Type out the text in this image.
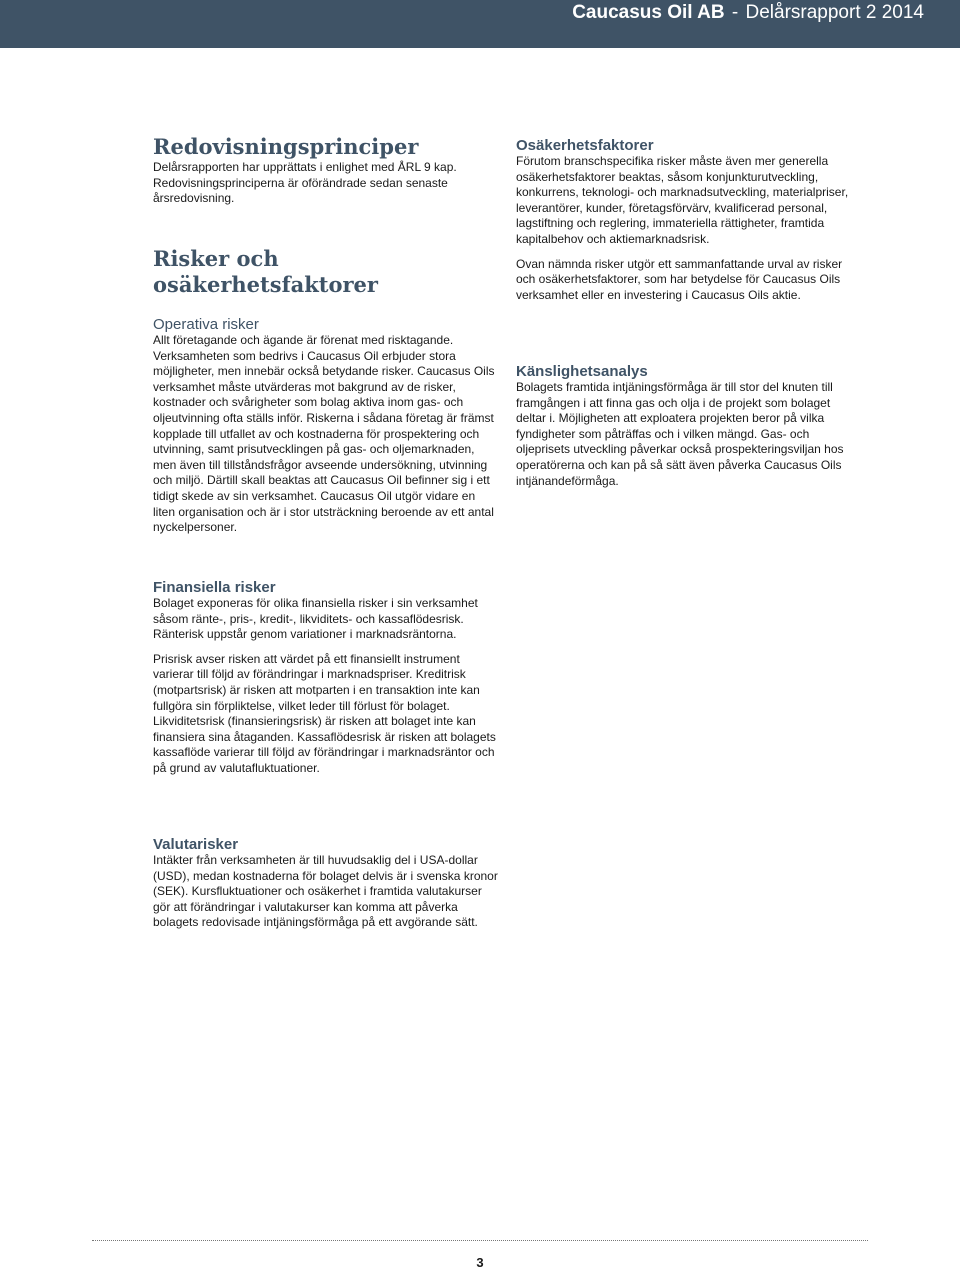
Caucasus Oil AB - Delårsrapport 2 2014
Redovisningsprinciper

Delårsrapporten har upprättats i enlighet med ÅRL 9 kap. Redovisningsprinciperna är oförändrade sedan senaste årsredovisning.

Risker och
osäkerhetsfaktorer
Operativa risker

Allt företagande och ägande är förenat med risktagande. Verksamheten som bedrivs i Caucasus Oil erbjuder stora möjligheter, men innebär också betydande risker. Caucasus Oils verksamhet måste utvärderas mot bakgrund av de risker, kostnader och svårigheter som bolag aktiva inom gas- och oljeutvinning ofta ställs inför. Riskerna i sådana företag är främst kopplade till utfallet av och kostnaderna för prospektering och utvinning, samt prisutvecklingen på gas- och oljemarknaden, men även till tillståndsfrågor avseende undersökning, utvinning och miljö. Därtill skall beaktas att Caucasus Oil befinner sig i ett tidigt skede av sin verksamhet. Caucasus Oil utgör vidare en liten organisation och är i stor utsträckning beroende av ett antal nyckelpersoner.

Finansiella risker

Bolaget exponeras för olika finansiella risker i sin verksamhet såsom ränte-, pris-, kredit-, likviditets- och kassaflödesrisk. Ränterisk uppstår genom variationer i marknadsräntorna.

Prisrisk avser risken att värdet på ett finansiellt instrument varierar till följd av förändringar i marknadspriser. Kreditrisk (motpartsrisk) är risken att motparten i en transaktion inte kan fullgöra sin förpliktelse, vilket leder till förlust för bolaget. Likviditetsrisk (finansieringsrisk) är risken att bolaget inte kan finansiera sina åtaganden. Kassaflödesrisk är risken att bolagets kassaflöde varierar till följd av förändringar i marknadsräntor och på grund av valutafluktuationer.

Valutarisker

Intäkter från verksamheten är till huvudsaklig del i USA-dollar (USD), medan kostnaderna för bolaget delvis är i svenska kronor (SEK). Kursfluktuationer och osäkerhet i framtida valutakurser gör att förändringar i valutakurser kan komma att påverka bolagets redovisade intjäningsförmåga på ett avgörande sätt.

Osäkerhetsfaktorer

Förutom branschspecifika risker måste även mer generella osäkerhetsfaktorer beaktas, såsom konjunkturutveckling, konkurrens, teknologi- och marknadsutveckling, materialpriser, leverantörer, kunder, företagsförvärv, kvalificerad personal, lagstiftning och reglering, immateriella rättigheter, framtida kapitalbehov och aktiemarknadsrisk.

Ovan nämnda risker utgör ett sammanfattande urval av risker och osäkerhetsfaktorer, som har betydelse för Caucasus Oils verksamhet eller en investering i Caucasus Oils aktie.

Känslighetsanalys

Bolagets framtida intjäningsförmåga är till stor del knuten till framgången i att finna gas och olja i de projekt som bolaget deltar i. Möjligheten att exploatera projekten beror på vilka fyndigheter som påträffas och i vilken mängd. Gas- och oljeprisets utveckling påverkar också prospekteringsviljan hos operatörerna och kan på så sätt även påverka Caucasus Oils intjänandeförmåga.

3
